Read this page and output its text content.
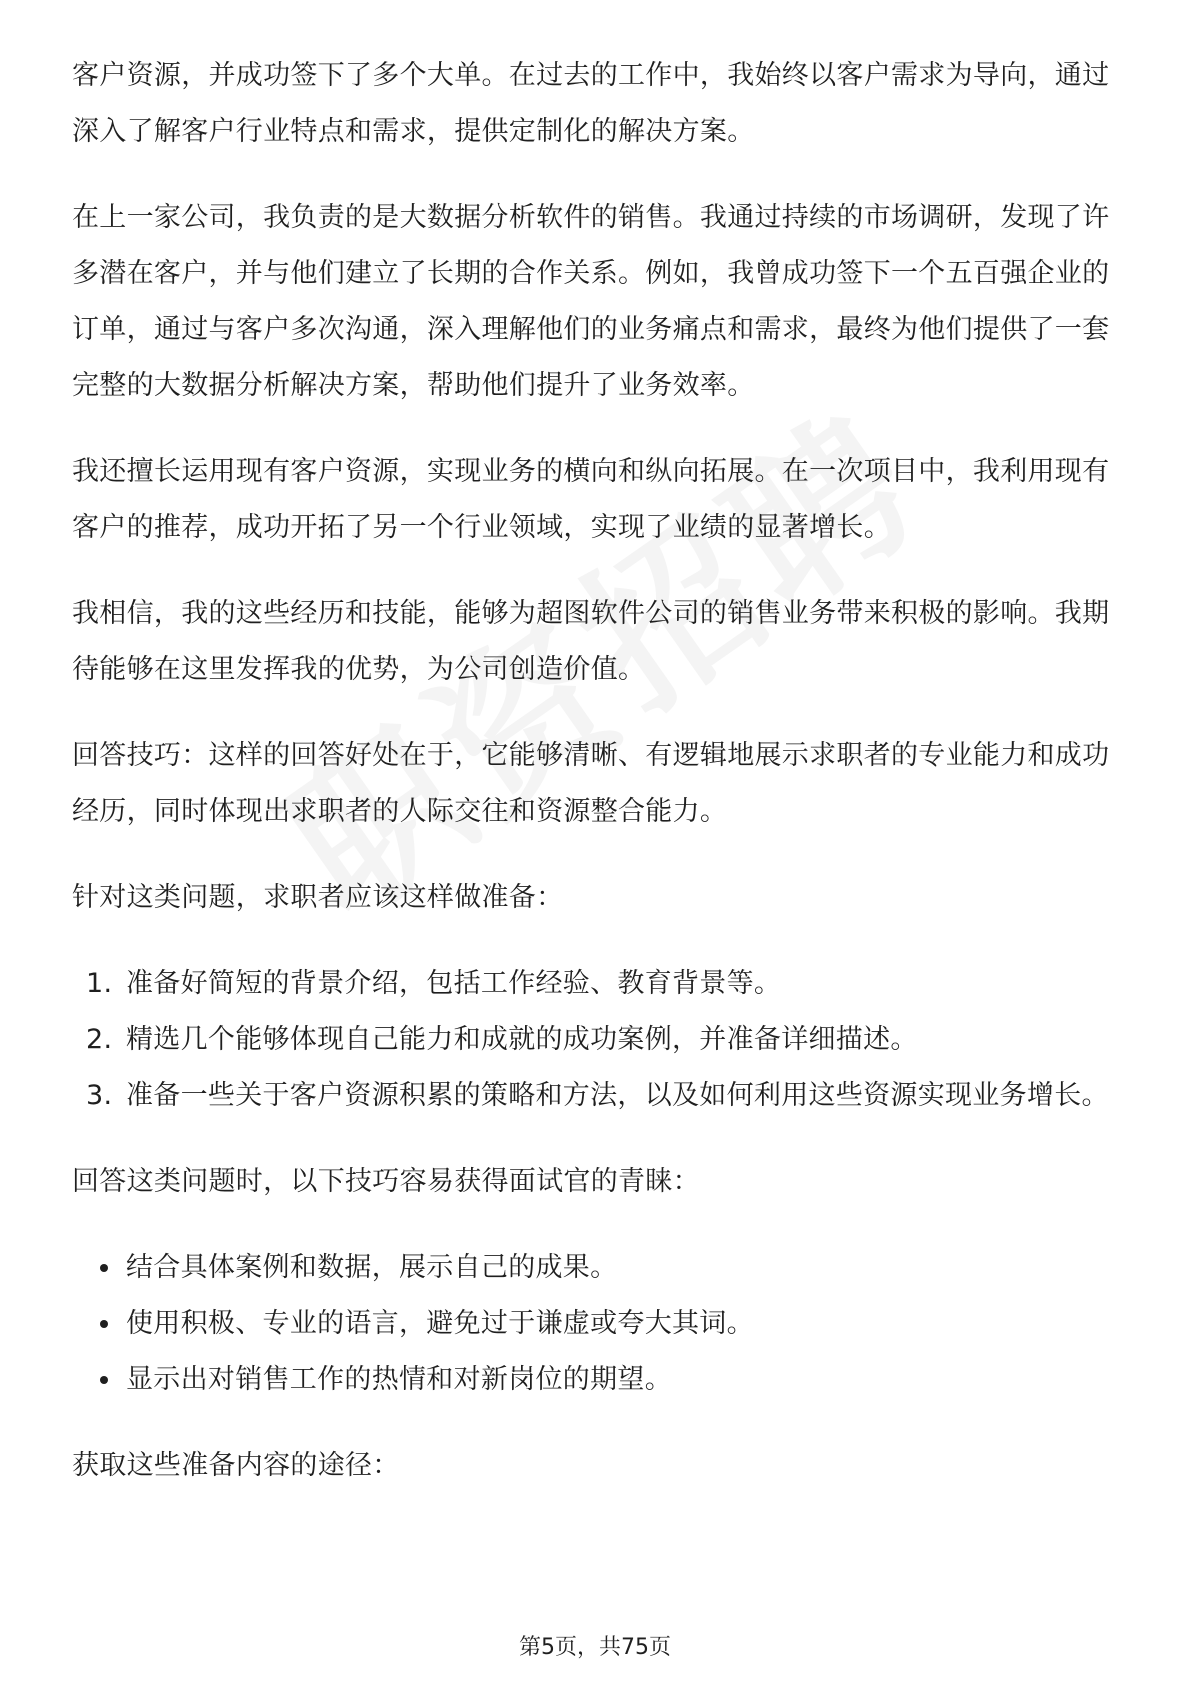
客户资源，并成功签下了多个大单。在过去的工作中，我始终以客户需求为导向，通过深入了解客户行业特点和需求，提供定制化的解决方案。

在上一家公司，我负责的是大数据分析软件的销售。我通过持续的市场调研，发现了许多潜在客户，并与他们建立了长期的合作关系。例如，我曾成功签下一个五百强企业的订单，通过与客户多次沟通，深入理解他们的业务痛点和需求，最终为他们提供了一套完整的大数据分析解决方案，帮助他们提升了业务效率。

我还擅长运用现有客户资源，实现业务的横向和纵向拓展。在一次项目中，我利用现有客户的推荐，成功开拓了另一个行业领域，实现了业绩的显著增长。

我相信，我的这些经历和技能，能够为超图软件公司的销售业务带来积极的影响。我期待能够在这里发挥我的优势，为公司创造价值。

回答技巧：这样的回答好处在于，它能够清晰、有逻辑地展示求职者的专业能力和成功经历，同时体现出求职者的人际交往和资源整合能力。

针对这类问题，求职者应该这样做准备：

1. 准备好简短的背景介绍，包括工作经验、教育背景等。
2. 精选几个能够体现自己能力和成就的成功案例，并准备详细描述。
3. 准备一些关于客户资源积累的策略和方法，以及如何利用这些资源实现业务增长。

回答这类问题时，以下技巧容易获得面试官的青睐：

结合具体案例和数据，展示自己的成果。
使用积极、专业的语言，避免过于谦虚或夸大其词。
显示出对销售工作的热情和对新岗位的期望。

获取这些准备内容的途径：

第5页，共75页
